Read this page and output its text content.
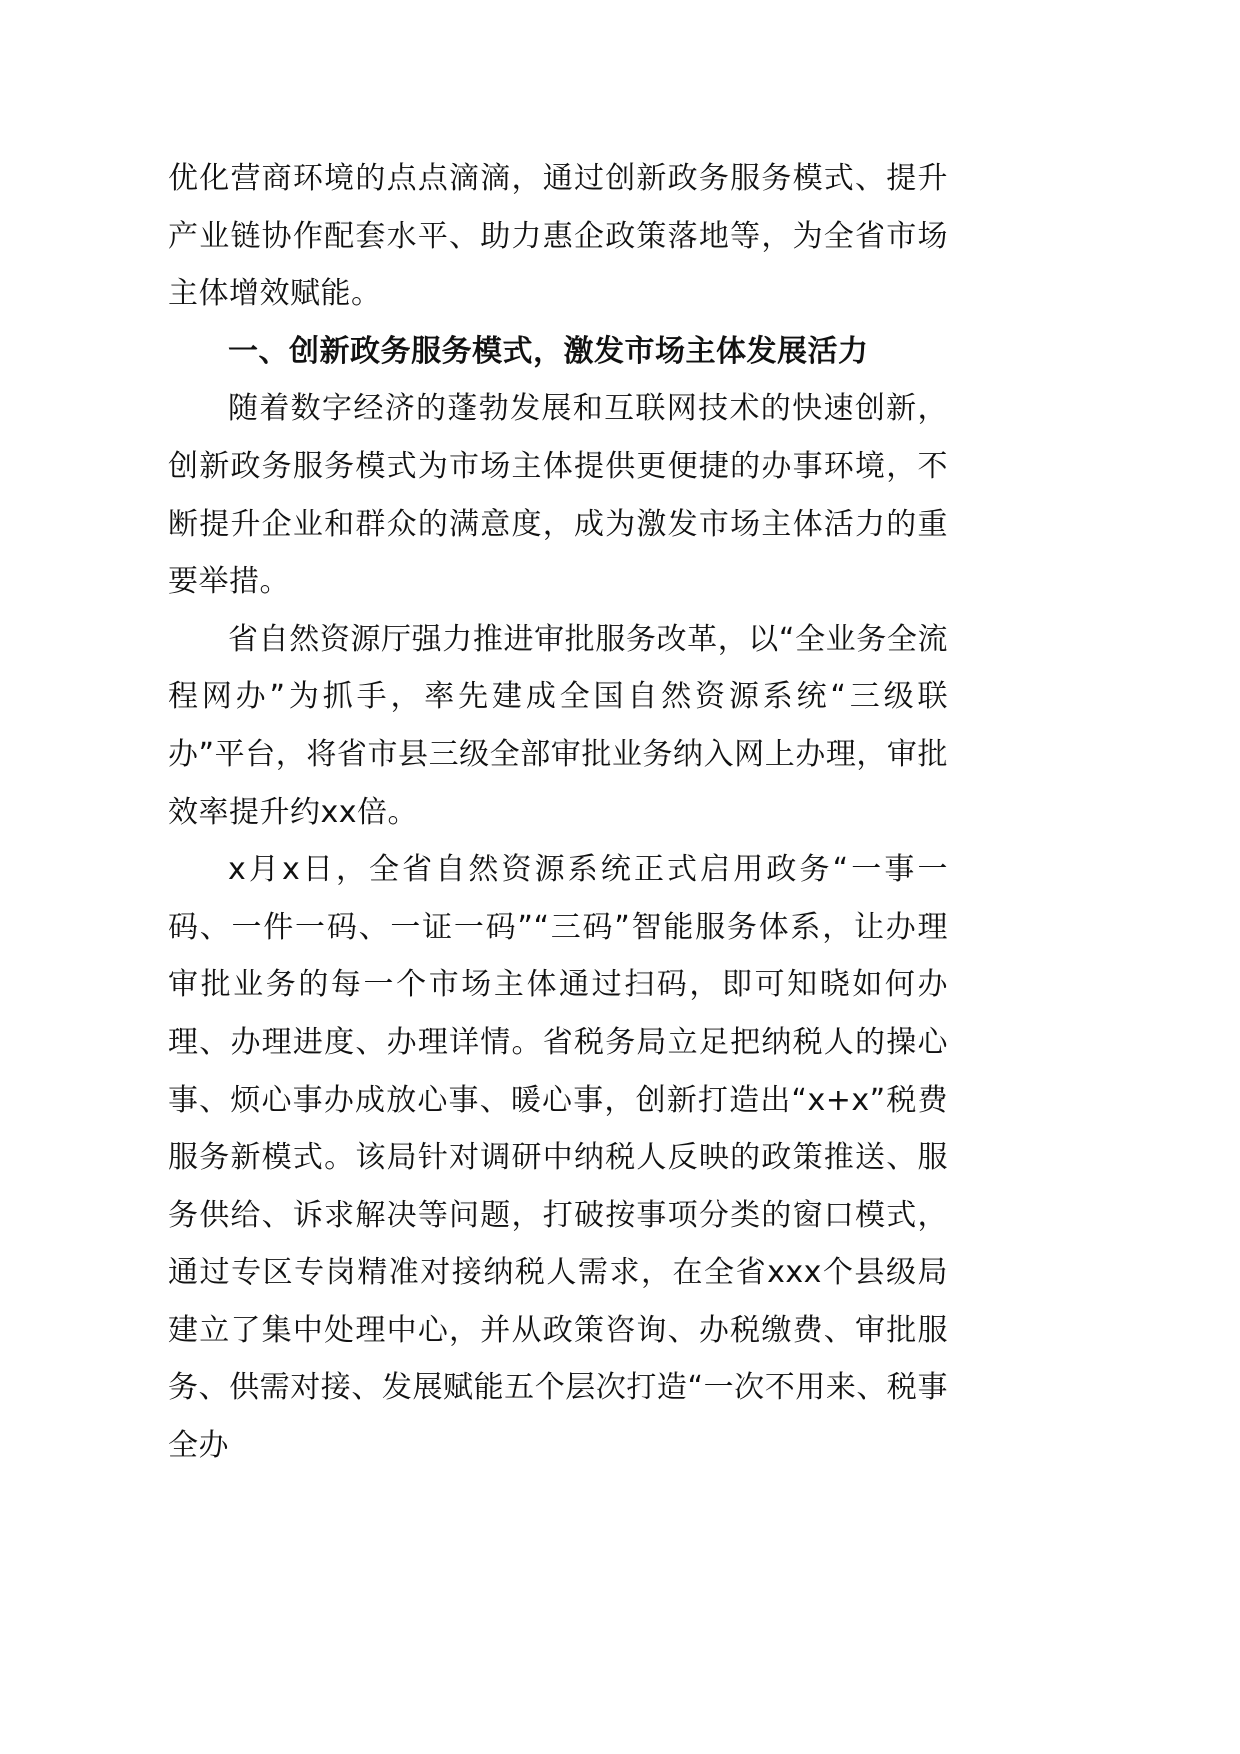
优化营商环境的点点滴滴，通过创新政务服务模式、提升产业链协作配套水平、助力惠企政策落地等，为全省市场主体增效赋能。

一、创新政务服务模式，激发市场主体发展活力

随着数字经济的蓬勃发展和互联网技术的快速创新，创新政务服务模式为市场主体提供更便捷的办事环境，不断提升企业和群众的满意度，成为激发市场主体活力的重要举措。

省自然资源厅强力推进审批服务改革，以“全业务全流程网办”为抓手，率先建成全国自然资源系统“三级联办”平台，将省市县三级全部审批业务纳入网上办理，审批效率提升约xx倍。

x月x日，全省自然资源系统正式启用政务“一事一码、一件一码、一证一码”“三码”智能服务体系，让办理审批业务的每一个市场主体通过扫码，即可知晓如何办理、办理进度、办理详情。省税务局立足把纳税人的操心事、烦心事办成放心事、暖心事，创新打造出“x+x”税费服务新模式。该局针对调研中纳税人反映的政策推送、服务供给、诉求解决等问题，打破按事项分类的窗口模式，通过专区专岗精准对接纳税人需求，在全省xxx个县级局建立了集中处理中心，并从政策咨询、办税缴费、审批服务、供需对接、发展赋能五个层次打造“一次不用来、税事全办
